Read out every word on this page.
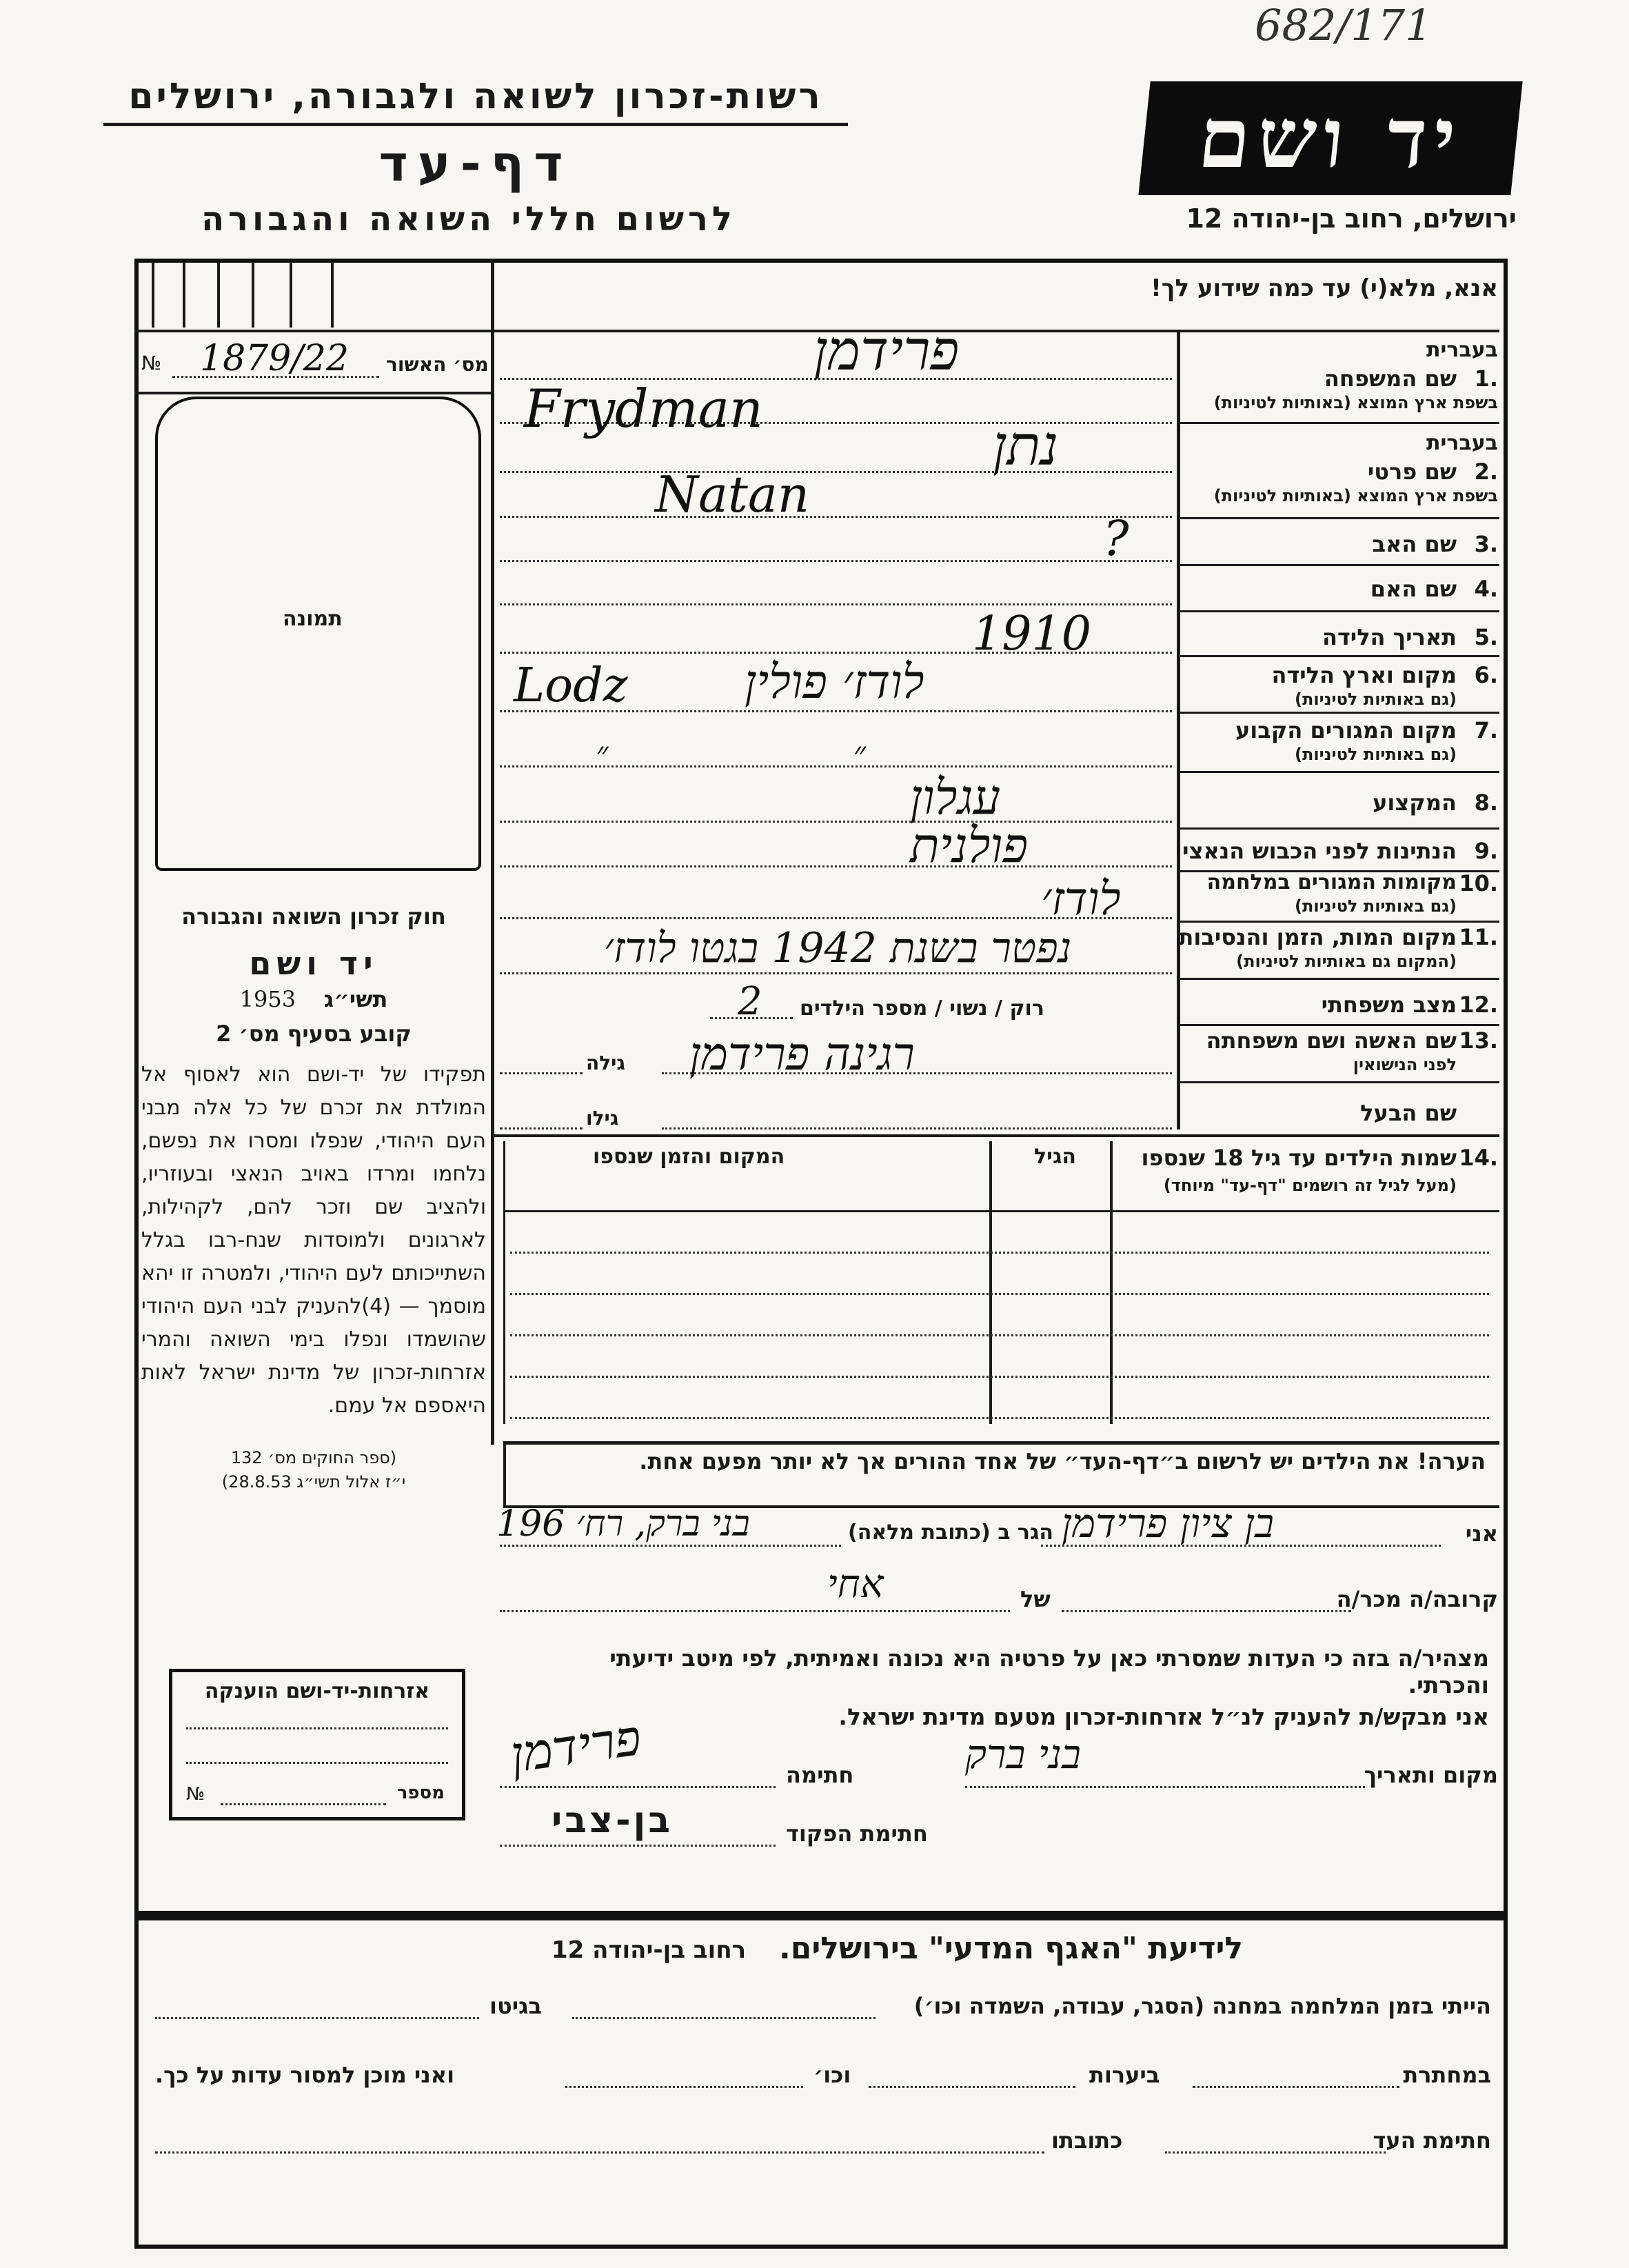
682/171
רשות-זכרון לשואה ולגבורה, ירושלים
דף-עד
לרשום חללי השואה והגבורה
יד ושם
ירושלים, רחוב בן-יהודה 12
אנא, מלא(י) עד כמה שידוע לך!
מס׳ האשור
№ 1879/22
תמונה
חוק זכרון השואה והגבורה
יד ושם
1953 תשי״ג
קובע בסעיף מס׳ 2
תפקידו של יד-ושם הוא לאסוף אל המולדת את זכרם של כל אלה מבני העם היהודי, שנפלו ומסרו את נפשם, נלחמו ומרדו באויב הנאצי ובעוזריו, ולהציב שם וזכר להם, לקהילות, לארגונים ולמוסדות שנח-רבו בגלל השתייכותם לעם היהודי, ולמטרה זו יהא מוסמך — (4)להעניק לבני העם היהודי שהושמדו ונפלו בימי השואה והמרי אזרחות-זכרון של מדינת ישראל לאות היאספם אל עמם.
(ספר החוקים מס׳ 132
י״ז אלול תשי״ג 28.8.53)
אזרחות-יד-ושם הוענקה
№	מספר
בעברית
שם המשפחה 1.
בשפת ארץ המוצא (באותיות לטיניות)
פרידמן
Frydman
בעברית
שם פרטי 2.
בשפת ארץ המוצא (באותיות לטיניות)
נתן
Natan
שם האב 3.
?
שם האם 4.
תאריך הלידה 5.
1910
מקום וארץ הלידה 6.
(גם באותיות לטיניות)
לודז׳ פולין
Lodz
מקום המגורים הקבוע 7.
(גם באותיות לטיניות)
״ ״
המקצוע 8.
עגלון
הנתינות לפני הכבוש הנאצי 9.
פולנית
מקומות המגורים במלחמה 10.
(גם באותיות לטיניות)
לודז׳
מקום המות, הזמן והנסיבות 11.
(המקום גם באותיות לטיניות)
נפטר בשנת 1942 בגטו לודז׳
מצב משפחתי 12.
רוק / נשוי / מספר הילדים
2
שם האשה ושם משפחתה 13.
לפני הנישואין
גילה רגינה פרידמן
שם הבעל
גילו
שמות הילדים עד גיל 18 שנספו 14.
(מעל לגיל זה רושמים "דף-עד" מיוחד)
הגיל
המקום והזמן שנספו
הערה! את הילדים יש לרשום ב״דף-העד״ של אחד ההורים אך לא יותר מפעם אחת.
אני
בן ציון פרידמן
הגר ב (כתובת מלאה)
בני ברק, רח׳ 196
קרובה/ה מכר/ה
של
אחי
מצהיר/ה בזה כי העדות שמסרתי כאן על פרטיה היא נכונה ואמיתית, לפי מיטב ידיעתי והכרתי.
אני מבקש/ת להעניק לנ״ל אזרחות-זכרון מטעם מדינת ישראל.
מקום ותאריך
בני ברק
חתימה
פרידמן
חתימת הפקוד
בן-צבי
לידיעת "האגף המדעי" בירושלים.
רחוב בן-יהודה 12
הייתי בזמן המלחמה במחנה (הסגר, עבודה, השמדה וכו׳)
בגיטו
במחתרת
ביערות
וכו׳
ואני מוכן למסור עדות על כך.
חתימת העד
כתובתו
